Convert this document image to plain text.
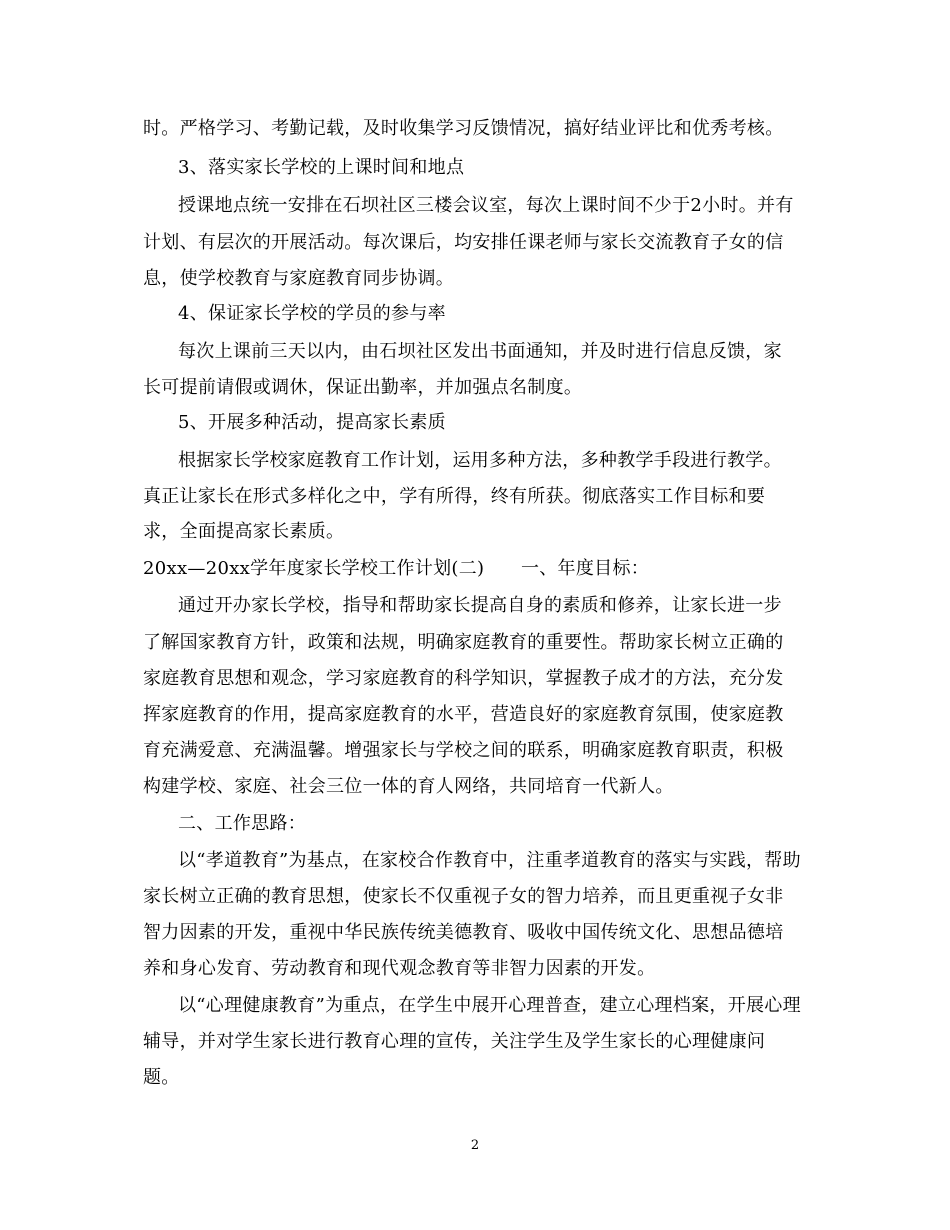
时。严格学习、考勤记载，及时收集学习反馈情况，搞好结业评比和优秀考核。
3、落实家长学校的上课时间和地点
授课地点统一安排在石坝社区三楼会议室，每次上课时间不少于2小时。并有
计划、有层次的开展活动。每次课后，均安排任课老师与家长交流教育子女的信
息，使学校教育与家庭教育同步协调。
4、保证家长学校的学员的参与率
每次上课前三天以内，由石坝社区发出书面通知，并及时进行信息反馈，家
长可提前请假或调休，保证出勤率，并加强点名制度。
5、开展多种活动，提高家长素质
根据家长学校家庭教育工作计划，运用多种方法，多种教学手段进行教学。
真正让家长在形式多样化之中，学有所得，终有所获。彻底落实工作目标和要
求，全面提高家长素质。
20xx—20xx学年度家长学校工作计划(二)　　一、年度目标：
通过开办家长学校，指导和帮助家长提高自身的素质和修养，让家长进一步
了解国家教育方针，政策和法规，明确家庭教育的重要性。帮助家长树立正确的
家庭教育思想和观念，学习家庭教育的科学知识，掌握教子成才的方法，充分发
挥家庭教育的作用，提高家庭教育的水平，营造良好的家庭教育氛围，使家庭教
育充满爱意、充满温馨。增强家长与学校之间的联系，明确家庭教育职责，积极
构建学校、家庭、社会三位一体的育人网络，共同培育一代新人。
二、工作思路：
以“孝道教育”为基点，在家校合作教育中，注重孝道教育的落实与实践，帮助
家长树立正确的教育思想，使家长不仅重视子女的智力培养，而且更重视子女非
智力因素的开发，重视中华民族传统美德教育、吸收中国传统文化、思想品德培
养和身心发育、劳动教育和现代观念教育等非智力因素的开发。
以“心理健康教育”为重点，在学生中展开心理普查，建立心理档案，开展心理
辅导，并对学生家长进行教育心理的宣传，关注学生及学生家长的心理健康问
题。
2
